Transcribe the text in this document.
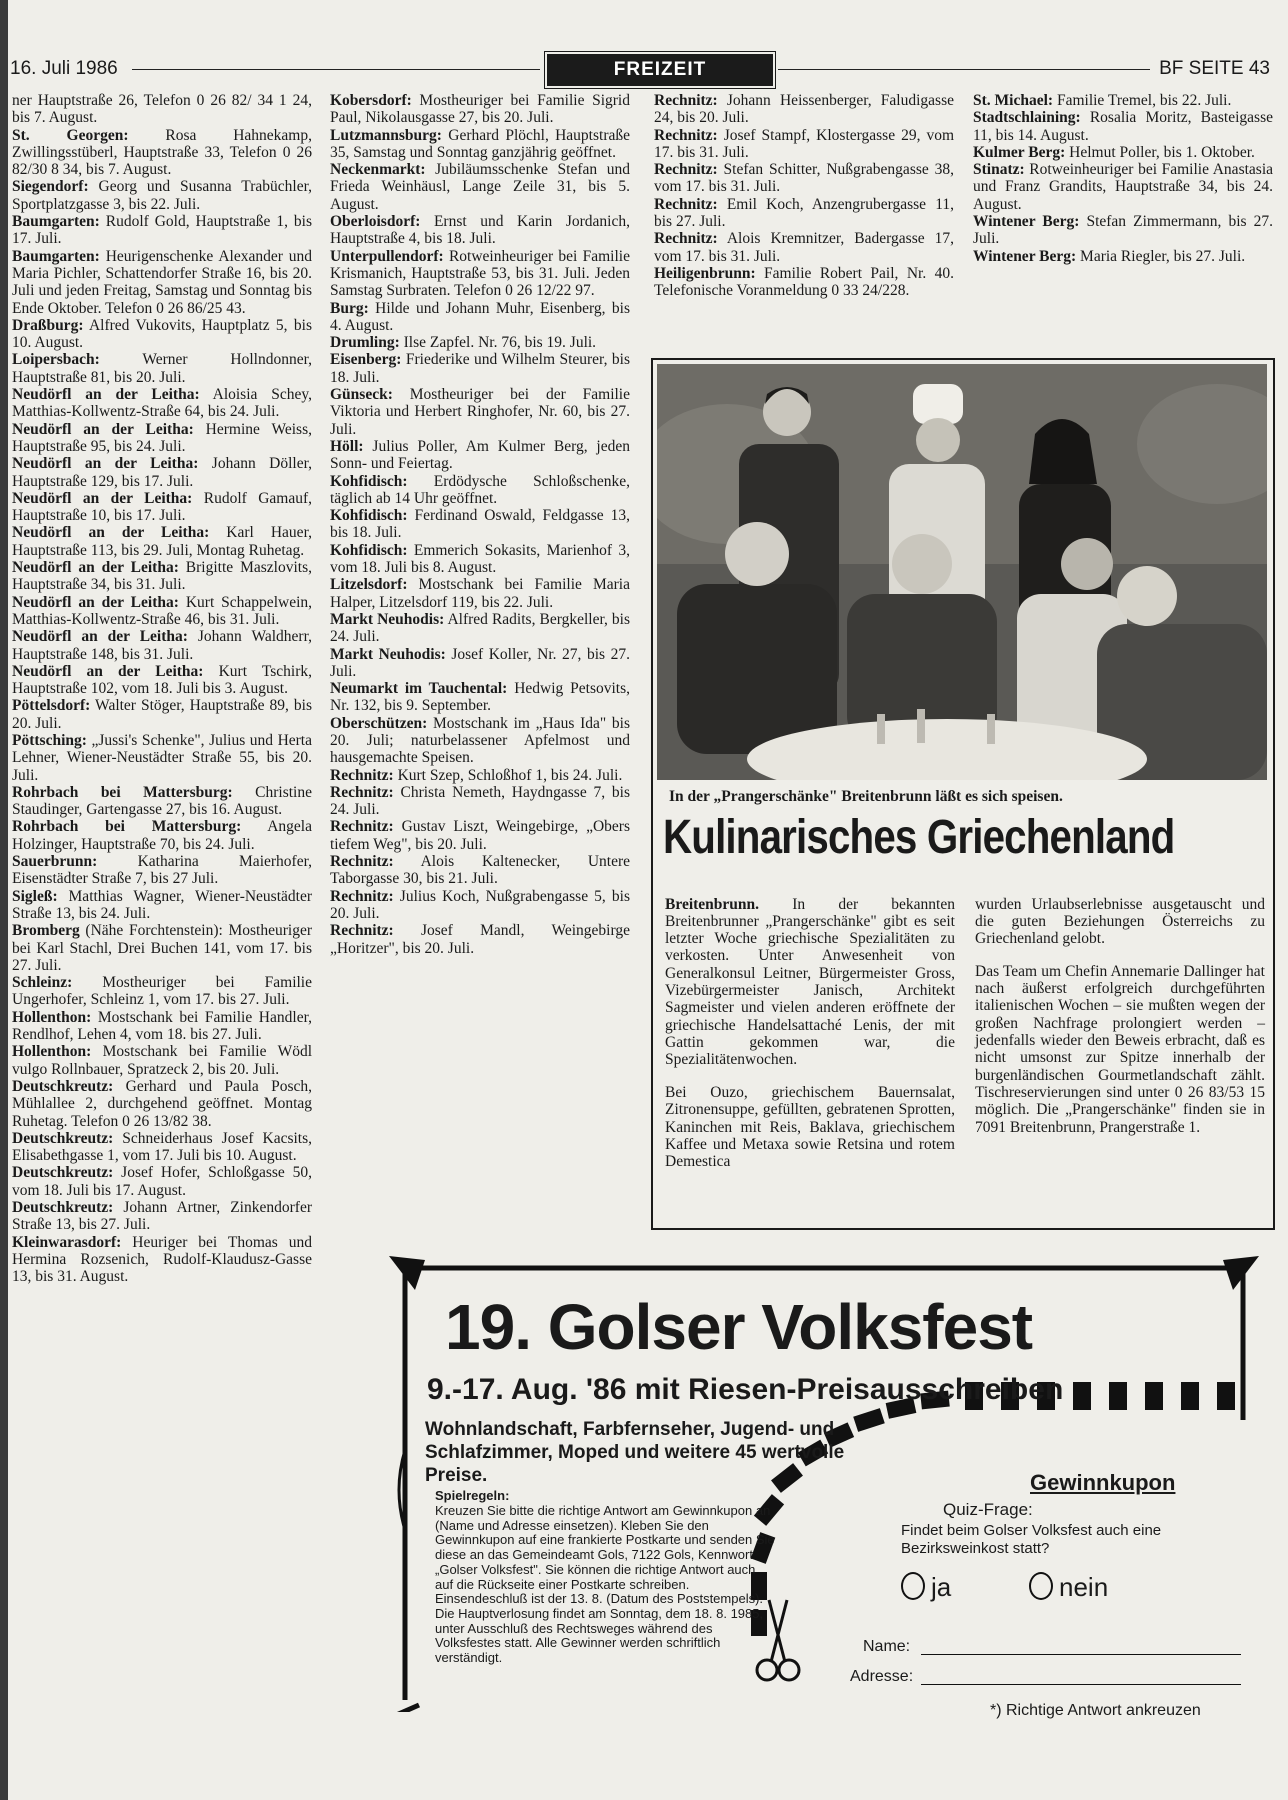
16. Juli 1986	FREIZEIT	BF SEITE 43

ner Hauptstraße 26, Telefon 0 26 82/ 34 1 24, bis 7. August.

St. Georgen: Rosa Hahnekamp, Zwillingsstüberl, Hauptstraße 33, Telefon 0 26 82/30 8 34, bis 7. August.

Siegendorf: Georg und Susanna Trabüchler, Sportplatzgasse 3, bis 22. Juli.

Baumgarten: Rudolf Gold, Hauptstraße 1, bis 17. Juli.

Baumgarten: Heurigenschenke Alexander und Maria Pichler, Schattendorfer Straße 16, bis 20. Juli und jeden Freitag, Samstag und Sonntag bis Ende Oktober. Telefon 0 26 86/25 43.

Draßburg: Alfred Vukovits, Hauptplatz 5, bis 10. August.

Loipersbach: Werner Hollndonner, Hauptstraße 81, bis 20. Juli.

Neudörfl an der Leitha: Aloisia Schey, Matthias-Kollwentz-Straße 64, bis 24. Juli.

Neudörfl an der Leitha: Hermine Weiss, Hauptstraße 95, bis 24. Juli.

Neudörfl an der Leitha: Johann Döller, Hauptstraße 129, bis 17. Juli.

Neudörfl an der Leitha: Rudolf Gamauf, Hauptstraße 10, bis 17. Juli.

Neudörfl an der Leitha: Karl Hauer, Hauptstraße 113, bis 29. Juli, Montag Ruhetag.

Neudörfl an der Leitha: Brigitte Maszlovits, Hauptstraße 34, bis 31. Juli.

Neudörfl an der Leitha: Kurt Schappelwein, Matthias-Kollwentz-Straße 46, bis 31. Juli.

Neudörfl an der Leitha: Johann Waldherr, Hauptstraße 148, bis 31. Juli.

Neudörfl an der Leitha: Kurt Tschirk, Hauptstraße 102, vom 18. Juli bis 3. August.

Pöttelsdorf: Walter Stöger, Hauptstraße 89, bis 20. Juli.

Pöttsching: „Jussi's Schenke", Julius und Herta Lehner, Wiener-Neustädter Straße 55, bis 20. Juli.

Rohrbach bei Mattersburg: Christine Staudinger, Gartengasse 27, bis 16. August.

Rohrbach bei Mattersburg: Angela Holzinger, Hauptstraße 70, bis 24. Juli.

Sauerbrunn: Katharina Maierhofer, Eisenstädter Straße 7, bis 27 Juli.

Sigleß: Matthias Wagner, Wiener-Neustädter Straße 13, bis 24. Juli.

Bromberg (Nähe Forchtenstein): Mostheuriger bei Karl Stachl, Drei Buchen 141, vom 17. bis 27. Juli.

Schleinz: Mostheuriger bei Familie Ungerhofer, Schleinz 1, vom 17. bis 27. Juli.

Hollenthon: Mostschank bei Familie Handler, Rendlhof, Lehen 4, vom 18. bis 27. Juli.

Hollenthon: Mostschank bei Familie Wödl vulgo Rollnbauer, Spratzeck 2, bis 20. Juli.

Deutschkreutz: Gerhard und Paula Posch, Mühlallee 2, durchgehend geöffnet. Montag Ruhetag. Telefon 0 26 13/82 38.

Deutschkreutz: Schneiderhaus Josef Kacsits, Elisabethgasse 1, vom 17. Juli bis 10. August.

Deutschkreutz: Josef Hofer, Schloßgasse 50, vom 18. Juli bis 17. August.

Deutschkreutz: Johann Artner, Zinkendorfer Straße 13, bis 27. Juli.

Kleinwarasdorf: Heuriger bei Thomas und Hermina Rozsenich, Rudolf-Klaudusz-Gasse 13, bis 31. August.

Kobersdorf: Mostheuriger bei Familie Sigrid Paul, Nikolausgasse 27, bis 20. Juli.

Lutzmannsburg: Gerhard Plöchl, Hauptstraße 35, Samstag und Sonntag ganzjährig geöffnet.

Neckenmarkt: Jubiläumsschenke Stefan und Frieda Weinhäusl, Lange Zeile 31, bis 5. August.

Oberloisdorf: Ernst und Karin Jordanich, Hauptstraße 4, bis 18. Juli.

Unterpullendorf: Rotweinheuriger bei Familie Krismanich, Hauptstraße 53, bis 31. Juli. Jeden Samstag Surbraten. Telefon 0 26 12/22 97.

Burg: Hilde und Johann Muhr, Eisenberg, bis 4. August.

Drumling: Ilse Zapfel. Nr. 76, bis 19. Juli.

Eisenberg: Friederike und Wilhelm Steurer, bis 18. Juli.

Günseck: Mostheuriger bei der Familie Viktoria und Herbert Ringhofer, Nr. 60, bis 27. Juli.

Höll: Julius Poller, Am Kulmer Berg, jeden Sonn- und Feiertag.

Kohfidisch: Erdödysche Schloßschenke, täglich ab 14 Uhr geöffnet.

Kohfidisch: Ferdinand Oswald, Feldgasse 13, bis 18. Juli.

Kohfidisch: Emmerich Sokasits, Marienhof 3, vom 18. Juli bis 8. August.

Litzelsdorf: Mostschank bei Familie Maria Halper, Litzelsdorf 119, bis 22. Juli.

Markt Neuhodis: Alfred Radits, Bergkeller, bis 24. Juli.

Markt Neuhodis: Josef Koller, Nr. 27, bis 27. Juli.

Neumarkt im Tauchental: Hedwig Petsovits, Nr. 132, bis 9. September.

Oberschützen: Mostschank im „Haus Ida" bis 20. Juli; naturbelassener Apfelmost und hausgemachte Speisen.

Rechnitz: Kurt Szep, Schloßhof 1, bis 24. Juli.

Rechnitz: Christa Nemeth, Haydngasse 7, bis 24. Juli.

Rechnitz: Gustav Liszt, Weingebirge, „Obers tiefem Weg", bis 20. Juli.

Rechnitz: Alois Kaltenecker, Untere Taborgasse 30, bis 21. Juli.

Rechnitz: Julius Koch, Nußgrabengasse 5, bis 20. Juli.

Rechnitz: Josef Mandl, Weingebirge „Horitzer", bis 20. Juli.

Rechnitz: Johann Heissenberger, Faludigasse 24, bis 20. Juli.

Rechnitz: Josef Stampf, Klostergasse 29, vom 17. bis 31. Juli.

Rechnitz: Stefan Schitter, Nußgrabengasse 38, vom 17. bis 31. Juli.

Rechnitz: Emil Koch, Anzengrubergasse 11, bis 27. Juli.

Rechnitz: Alois Kremnitzer, Badergasse 17, vom 17. bis 31. Juli.

Heiligenbrunn: Familie Robert Pail, Nr. 40. Telefonische Voranmeldung 0 33 24/228.

St. Michael: Familie Tremel, bis 22. Juli.

Stadtschlaining: Rosalia Moritz, Basteigasse 11, bis 14. August.

Kulmer Berg: Helmut Poller, bis 1. Oktober.

Stinatz: Rotweinheuriger bei Familie Anastasia und Franz Grandits, Hauptstraße 34, bis 24. August.

Wintener Berg: Stefan Zimmermann, bis 27. Juli.

Wintener Berg: Maria Riegler, bis 27. Juli.

In der „Prangerschänke" Breitenbrunn läßt es sich speisen.
Kulinarisches Griechenland

Breitenbrunn. In der bekannten Breitenbrunner „Prangerschänke" gibt es seit letzter Woche griechische Spezialitäten zu verkosten. Unter Anwesenheit von Generalkonsul Leitner, Bürgermeister Gross, Vizebürgermeister Janisch, Architekt Sagmeister und vielen anderen eröffnete der griechische Handelsattaché Lenis, der mit Gattin gekommen war, die Spezialitätenwochen.

Bei Ouzo, griechischem Bauernsalat, Zitronensuppe, gefüllten, gebratenen Sprotten, Kaninchen mit Reis, Baklava, griechischem Kaffee und Metaxa sowie Retsina und rotem Demestica

wurden Urlaubserlebnisse ausgetauscht und die guten Beziehungen Österreichs zu Griechenland gelobt.

Das Team um Chefin Annemarie Dallinger hat nach äußerst erfolgreich durchgeführten italienischen Wochen – sie mußten wegen der großen Nachfrage prolongiert werden – jedenfalls wieder den Beweis erbracht, daß es nicht umsonst zur Spitze innerhalb der burgenländischen Gourmetlandschaft zählt. Tischreservierungen sind unter 0 26 83/53 15 möglich. Die „Prangerschänke" finden sie in 7091 Breitenbrunn, Prangerstraße 1.

19. Golser Volksfest
9.-17. Aug. '86 mit Riesen-Preisausschreiben
Wohnlandschaft, Farbfernseher, Jugend- und Schlafzimmer, Moped und weitere 45 wertvolle Preise.
Spielregeln:
Kreuzen Sie bitte die richtige Antwort am Gewinnkupon an (Name und Adresse einsetzen). Kleben Sie den Gewinnkupon auf eine frankierte Postkarte und senden Sie diese an das Gemeindeamt Gols, 7122 Gols, Kennwort „Golser Volksfest". Sie können die richtige Antwort auch auf die Rückseite einer Postkarte schreiben. Einsendeschluß ist der 13. 8. (Datum des Poststempels). Die Hauptverlosung findet am Sonntag, dem 18. 8. 1985, unter Ausschluß des Rechtsweges während des Volksfestes statt. Alle Gewinner werden schriftlich verständigt.
Gewinnkupon
Quiz-Frage:
Findet beim Golser Volksfest auch eine Bezirksweinkost statt?
ja	nein
Name:
Adresse:
*) Richtige Antwort ankreuzen
